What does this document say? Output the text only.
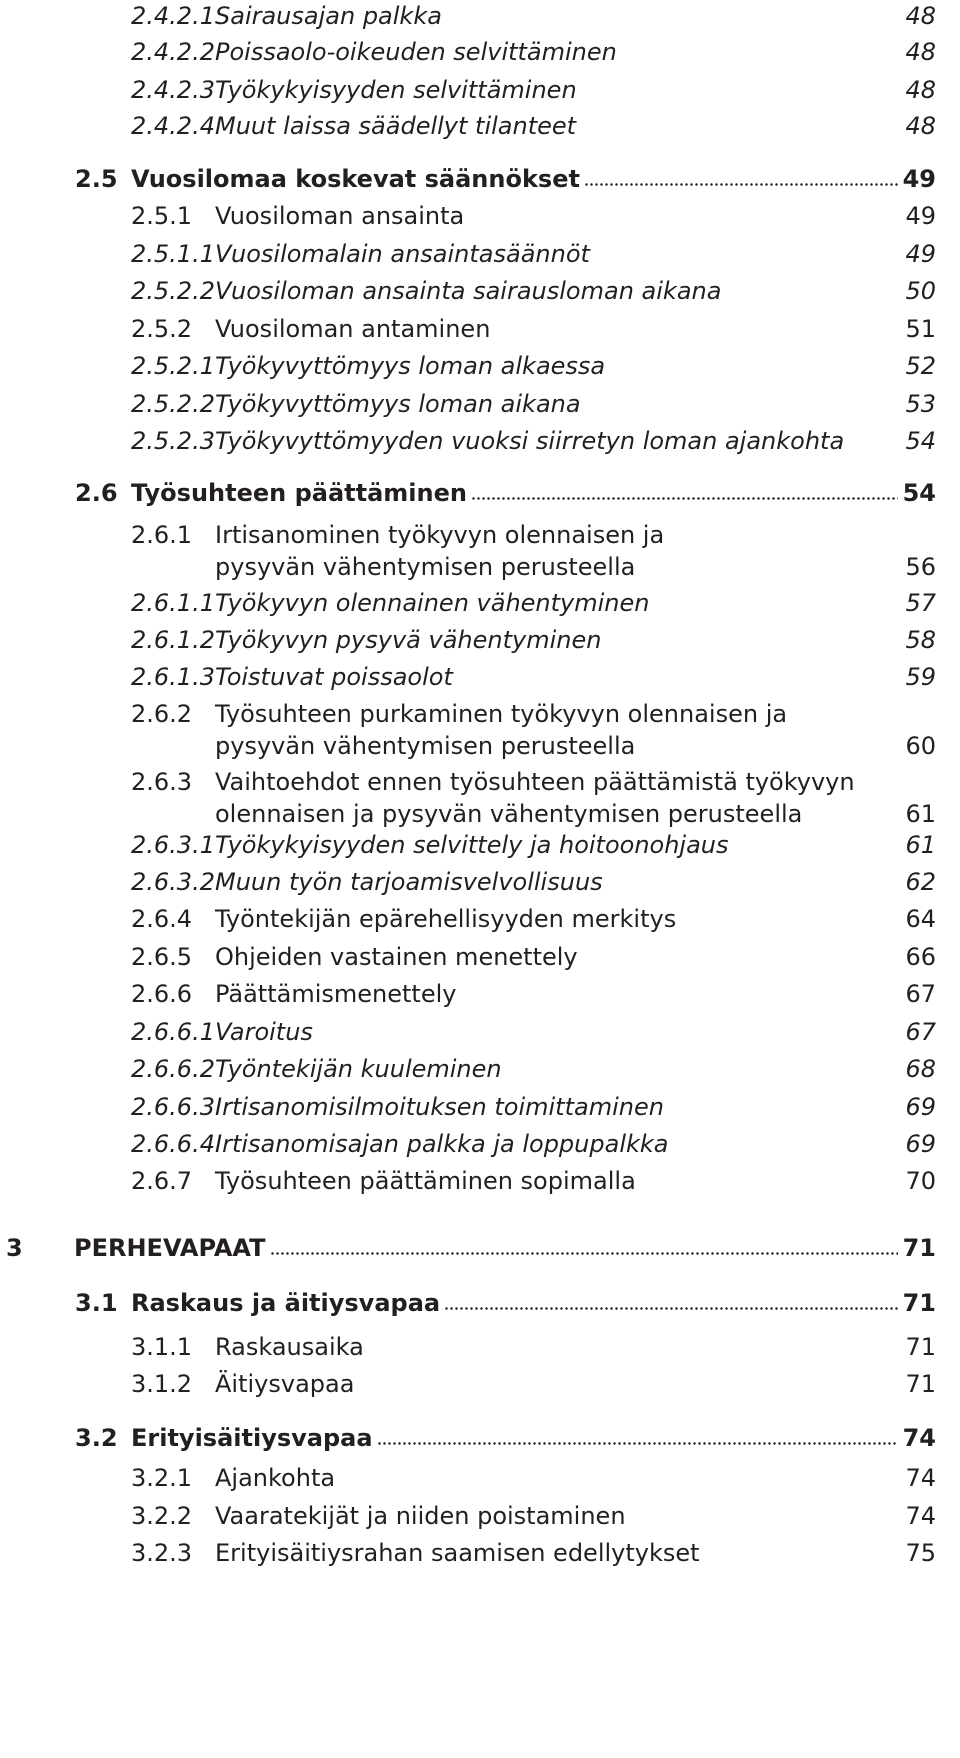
2.4.2.1 Sairausajan palkka	48
2.4.2.2 Poissaolo-oikeuden selvittäminen	48
2.4.2.3 Työkykyisyyden selvittäminen	48
2.4.2.4 Muut laissa säädellyt tilanteet	48
2.5 Vuosilomaa koskevat säännökset	49
2.5.1 Vuosiloman ansainta	49
2.5.1.1 Vuosilomalain ansaintasäännöt	49
2.5.2.2 Vuosiloman ansainta sairausloman aikana	50
2.5.2 Vuosiloman antaminen	51
2.5.2.1 Työkyvyttömyys loman alkaessa	52
2.5.2.2 Työkyvyttömyys loman aikana	53
2.5.2.3 Työkyvyttömyyden vuoksi siirretyn loman ajankohta	54
2.6 Työsuhteen päättäminen	54
2.6.1 Irtisanominen työkyvyn olennaisen ja
pysyvän vähentymisen perusteella	56
2.6.1.1 Työkyvyn olennainen vähentyminen	57
2.6.1.2 Työkyvyn pysyvä vähentyminen	58
2.6.1.3 Toistuvat poissaolot	59
2.6.2 Työsuhteen purkaminen työkyvyn olennaisen ja
pysyvän vähentymisen perusteella	60
2.6.3 Vaihtoehdot ennen työsuhteen päättämistä työkyvyn
olennaisen ja pysyvän vähentymisen perusteella	61
2.6.3.1 Työkykyisyyden selvittely ja hoitoonohjaus	61
2.6.3.2 Muun työn tarjoamisvelvollisuus	62
2.6.4 Työntekijän epärehellisyyden merkitys	64
2.6.5 Ohjeiden vastainen menettely	66
2.6.6 Päättämismenettely	67
2.6.6.1 Varoitus	67
2.6.6.2 Työntekijän kuuleminen	68
2.6.6.3 Irtisanomisilmoituksen toimittaminen	69
2.6.6.4 Irtisanomisajan palkka ja loppupalkka	69
2.6.7 Työsuhteen päättäminen sopimalla	70
3 PERHEVAPAAT	71
3.1 Raskaus ja äitiysvapaa	71
3.1.1 Raskausaika	71
3.1.2 Äitiysvapaa	71
3.2 Erityisäitiysvapaa	74
3.2.1 Ajankohta	74
3.2.2 Vaaratekijät ja niiden poistaminen	74
3.2.3 Erityisäitiysrahan saamisen edellytykset	75
